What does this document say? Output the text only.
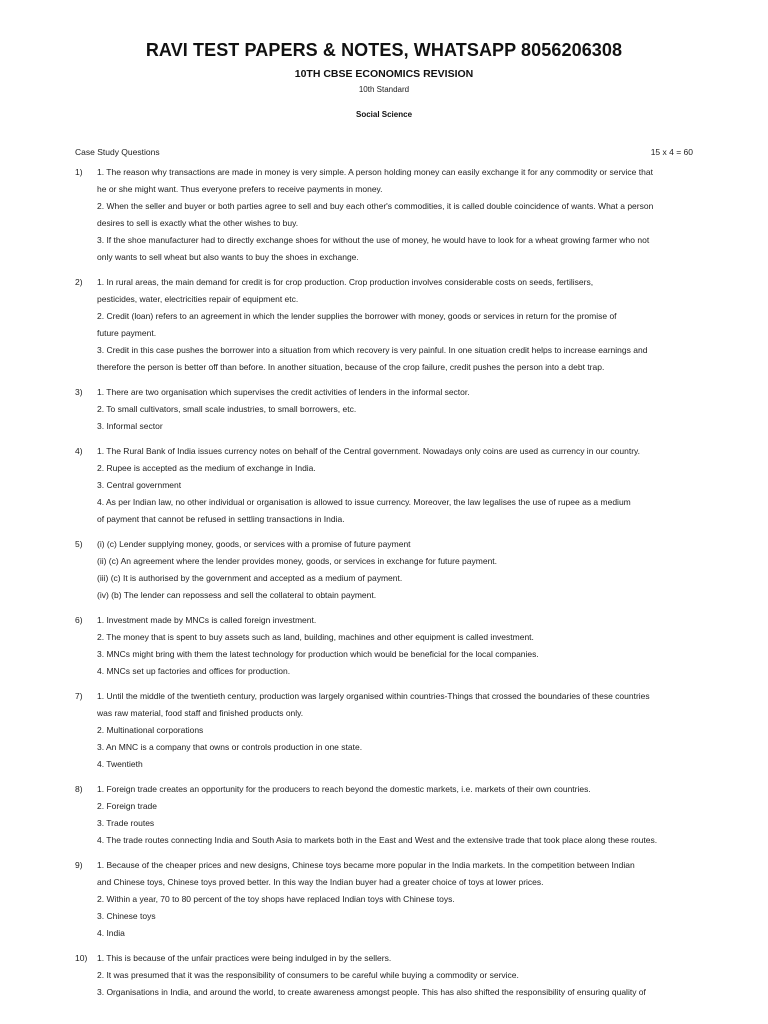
RAVI TEST PAPERS & NOTES, WHATSAPP 8056206308
10TH CBSE ECONOMICS REVISION
10th Standard
Social Science
Case Study Questions	15 x 4 = 60
1)	1. The reason why transactions are made in money is very simple. A person holding money can easily exchange it for any commodity or service that
he or she might want. Thus everyone prefers to receive payments in money.
2. When the seller and buyer or both parties agree to sell and buy each other's commodities, it is called double coincidence of wants. What a person
desires to sell is exactly what the other wishes to buy.
3. If the shoe manufacturer had to directly exchange shoes for without the use of money, he would have to look for a wheat growing farmer who not
only wants to sell wheat but also wants to buy the shoes in exchange.
2)	1. In rural areas, the main demand for credit is for crop production. Crop production involves considerable costs on seeds, fertilisers,
pesticides, water, electricities repair of equipment etc.
2. Credit (loan) refers to an agreement in which the lender supplies the borrower with money, goods or services in return for the promise of
future payment.
3. Credit in this case pushes the borrower into a situation from which recovery is very painful. In one situation credit helps to increase earnings and
therefore the person is better off than before. In another situation, because of the crop failure, credit pushes the person into a debt trap.
3)	1. There are two organisation which supervises the credit activities of lenders in the informal sector.
2. To small cultivators, small scale industries, to small borrowers, etc.
3. Informal sector
4)	1. The Rural Bank of India issues currency notes on behalf of the Central government. Nowadays only coins are used as currency in our country.
2. Rupee is accepted as the medium of exchange in India.
3. Central government
4. As per Indian law, no other individual or organisation is allowed to issue currency. Moreover, the law legalises the use of rupee as a medium
of payment that cannot be refused in settling transactions in India.
5)	(i) (c) Lender supplying money, goods, or services with a promise of future payment
(ii) (c) An agreement where the lender provides money, goods, or services in exchange for future payment.
(iii) (c) It is authorised by the government and accepted as a medium of payment.
(iv) (b) The lender can repossess and sell the collateral to obtain payment.
6)	1. Investment made by MNCs is called foreign investment.
2. The money that is spent to buy assets such as land, building, machines and other equipment is called investment.
3. MNCs might bring with them the latest technology for production which would be beneficial for the local companies.
4. MNCs set up factories and offices for production.
7)	1. Until the middle of the twentieth century, production was largely organised within countries-Things that crossed the boundaries of these countries
was raw material, food staff and finished products only.
2. Multinational corporations
3. An MNC is a company that owns or controls production in one state.
4. Twentieth
8)	1. Foreign trade creates an opportunity for the producers to reach beyond the domestic markets, i.e. markets of their own countries.
2. Foreign trade
3. Trade routes
4. The trade routes connecting India and South Asia to markets both in the East and West and the extensive trade that took place along these routes.
9)	1. Because of the cheaper prices and new designs, Chinese toys became more popular in the India markets. In the competition between Indian
and Chinese toys, Chinese toys proved better. In this way the Indian buyer had a greater choice of toys at lower prices.
2. Within a year, 70 to 80 percent of the toy shops have replaced Indian toys with Chinese toys.
3. Chinese toys
4. India
10)	1. This is because of the unfair practices were being indulged in by the sellers.
2. It was presumed that it was the responsibility of consumers to be careful while buying a commodity or service.
3. Organisations in India, and around the world, to create awareness amongst people. This has also shifted the responsibility of ensuring quality of
